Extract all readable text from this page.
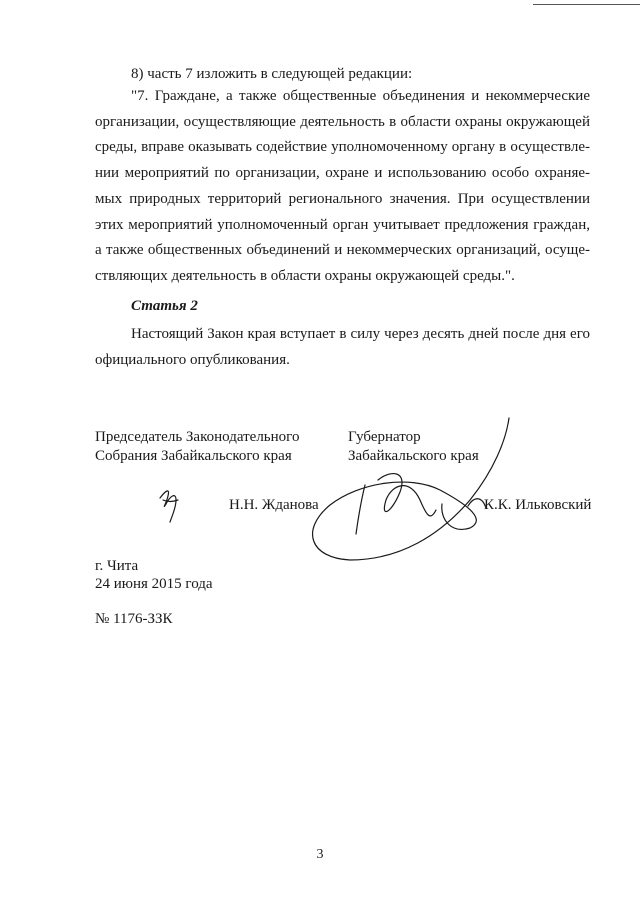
8) часть 7 изложить в следующей редакции:

"7. Граждане, а также общественные объединения и некоммерческие
организации, осуществляющие деятельность в области охраны окружающей
среды, вправе оказывать содействие уполномоченному органу в осуществле-
нии мероприятий по организации, охране и использованию особо охраняе-
мых природных территорий регионального значения. При осуществлении
этих мероприятий уполномоченный орган учитывает предложения граждан,
а также общественных объединений и некоммерческих организаций, осуще-
ствляющих деятельность в области охраны окружающей среды.".

Статья 2

Настоящий Закон края вступает в силу через десять дней после дня его
официального опубликования.

Председатель Законодательного
Собрания Забайкальского края
Губернатор
Забайкальского края
Н.Н. Жданова	К.К. Ильковский
г. Чита
24 июня 2015 года
№ 1176-ЗЗК
3
